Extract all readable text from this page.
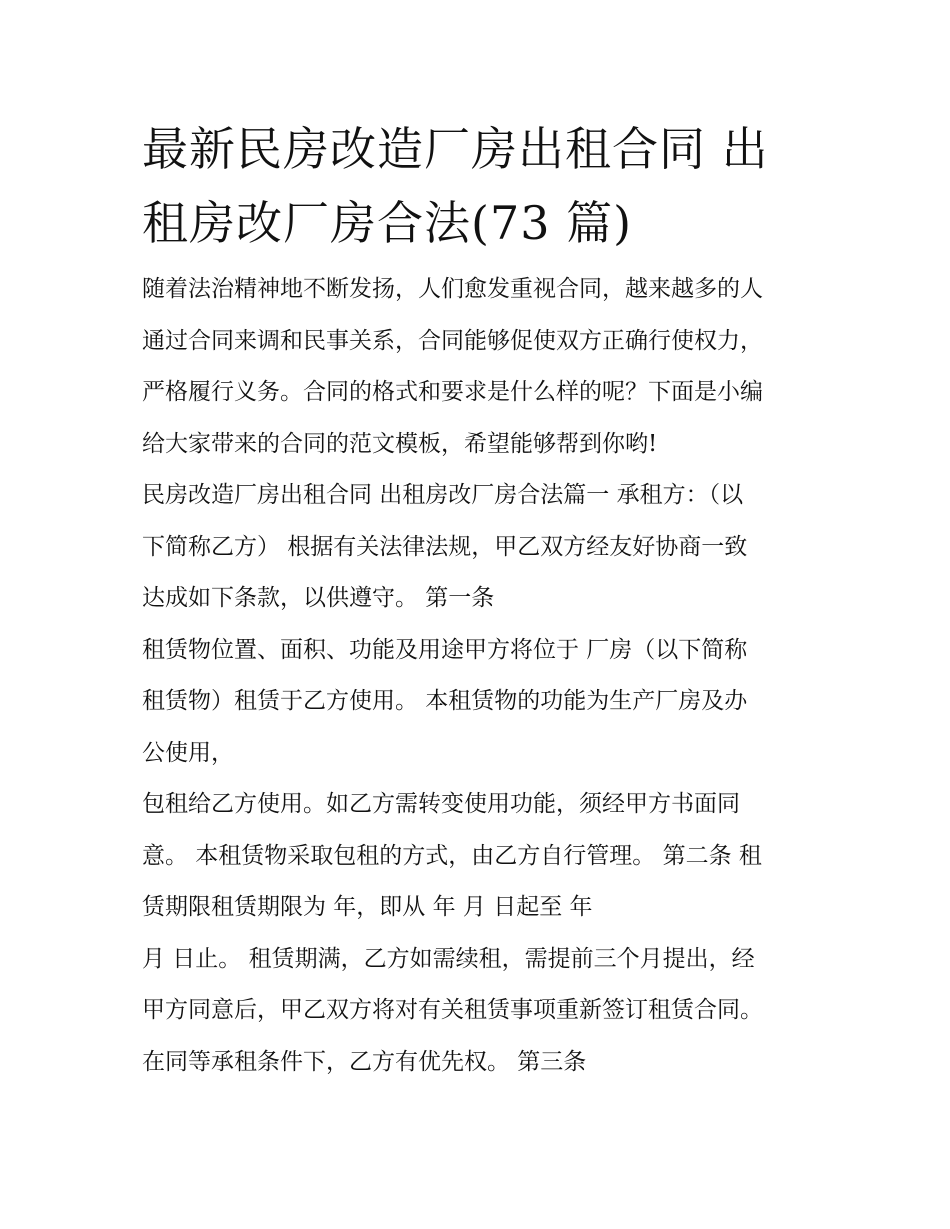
最新民房改造厂房出租合同 出
租房改厂房合法(73 篇)

随着法治精神地不断发扬，人们愈发重视合同，越来越多的人
通过合同来调和民事关系，合同能够促使双方正确行使权力，
严格履行义务。合同的格式和要求是什么样的呢？下面是小编
给大家带来的合同的范文模板，希望能够帮到你哟!

民房改造厂房出租合同 出租房改厂房合法篇一 承租方：（以
下简称乙方） 根据有关法律法规，甲乙双方经友好协商一致
达成如下条款，以供遵守。 第一条

租赁物位置、面积、功能及用途甲方将位于 厂房（以下简称
租赁物）租赁于乙方使用。 本租赁物的功能为生产厂房及办
公使用，

包租给乙方使用。如乙方需转变使用功能，须经甲方书面同
意。 本租赁物采取包租的方式，由乙方自行管理。 第二条 租
赁期限租赁期限为 年，即从 年 月 日起至 年

月 日止。 租赁期满，乙方如需续租，需提前三个月提出，经
甲方同意后，甲乙双方将对有关租赁事项重新签订租赁合同。
在同等承租条件下，乙方有优先权。 第三条
